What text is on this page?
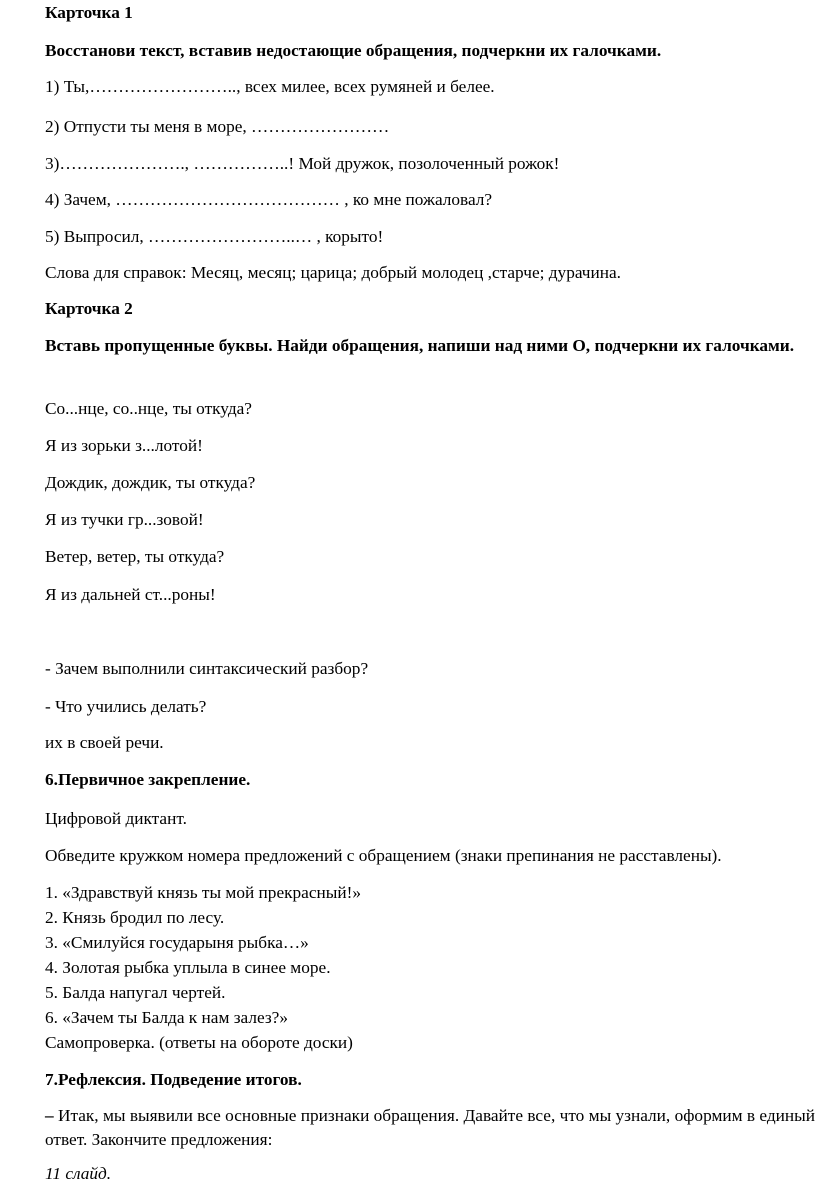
Карточка 1

Восстанови текст, вставив недостающие обращения, подчеркни их галочками.

1) Ты,…………………….., всех милее, всех румяней и белее.

2) Отпусти ты меня в море, ……………………

3)…………………., ……………..! Мой дружок, позолоченный рожок!

4) Зачем, ………………………………… , ко мне пожаловал?

5) Выпросил, ……………………..… , корыто!

Слова для справок: Месяц, месяц; царица; добрый молодец ,старче; дурачина.

Карточка 2

Вставь пропущенные буквы. Найди обращения, напиши над ними О, подчеркни их галочками.

Со...нце, со..нце, ты откуда?

Я из зорьки з...лотой!

Дождик, дождик, ты откуда?

Я из тучки гр...зовой!

Ветер, ветер, ты откуда?

Я из дальней ст...роны!

- Зачем выполнили синтаксический разбор?

- Что учились делать?

их в своей речи.

6.Первичное закрепление.

Цифровой диктант.

Обведите кружком номера предложений с обращением (знаки препинания не расставлены).

1. «Здравствуй князь ты мой прекрасный!»

2. Князь бродил по лесу.

3. «Смилуйся государыня рыбка…»

4. Золотая рыбка уплыла в синее море.

5. Балда напугал чертей.

6. «Зачем ты Балда к нам залез?»

Самопроверка. (ответы на обороте доски)

7.Рефлексия. Подведение итогов.

– Итак, мы выявили все основные признаки обращения. Давайте все, что мы узнали, оформим в единый ответ. Закончите предложения:

11 слайд.
